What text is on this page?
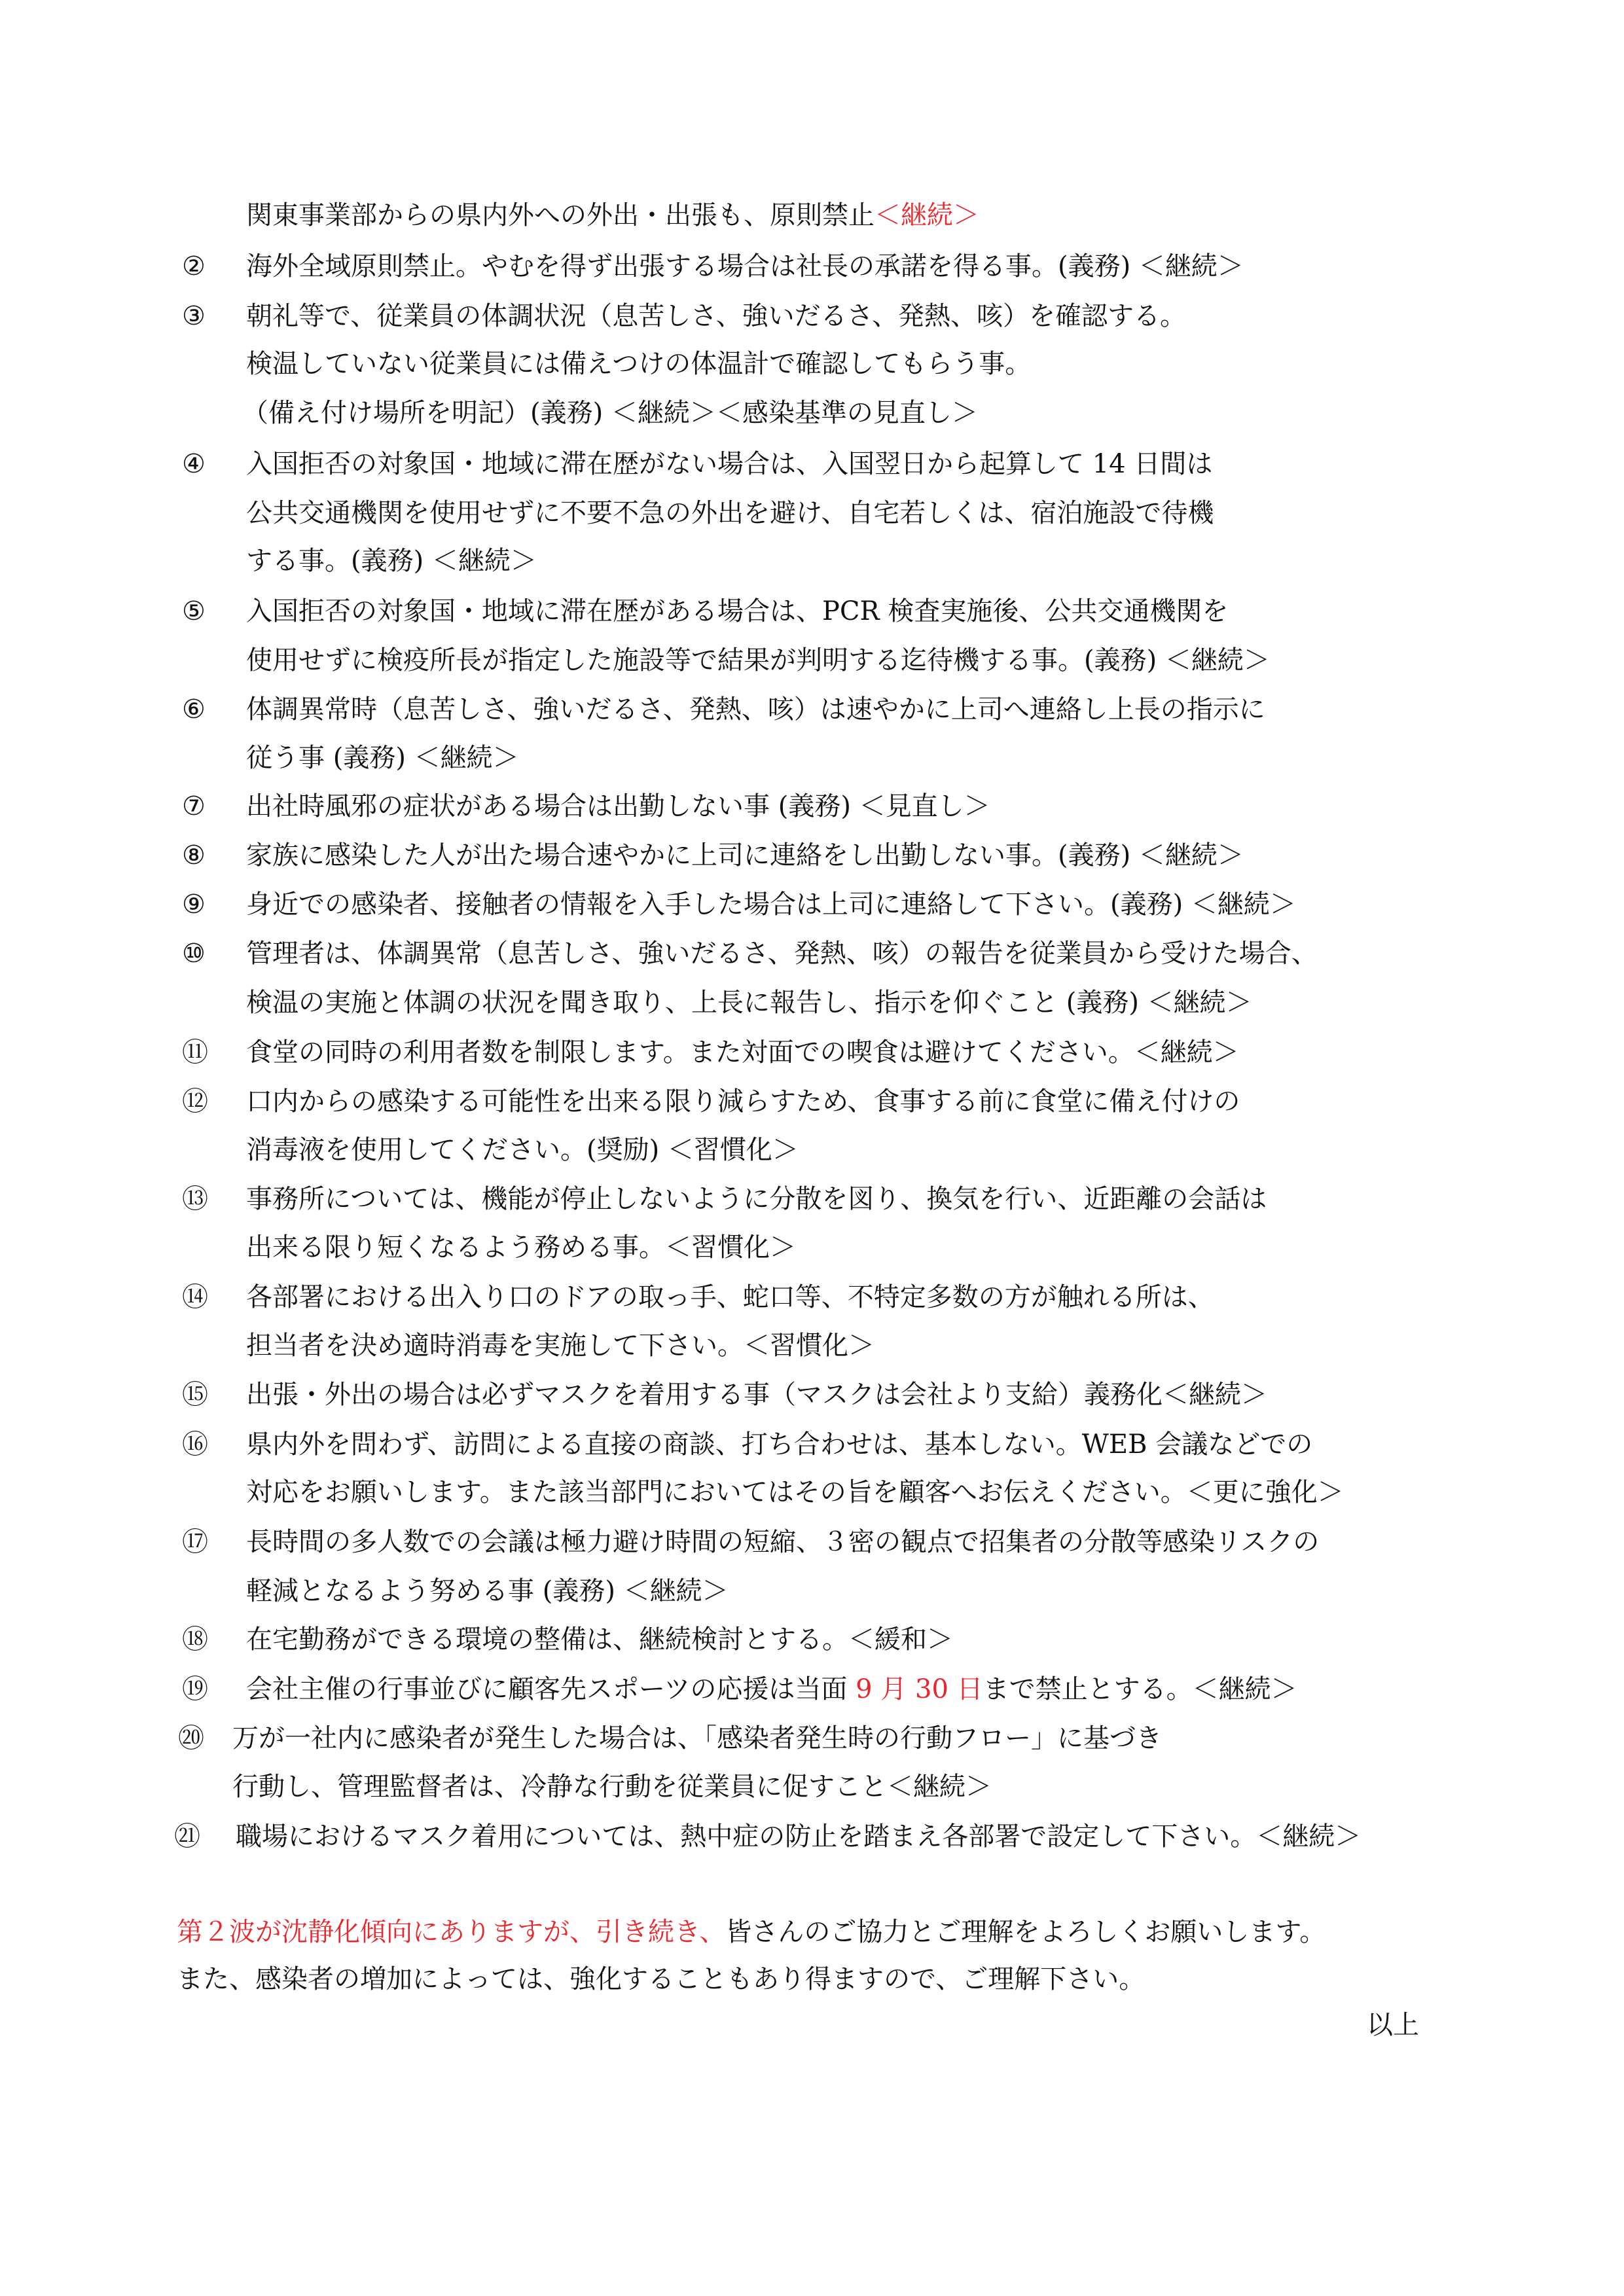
関東事業部からの県内外への外出・出張も、原則禁止＜継続＞
② 海外全域原則禁止。やむを得ず出張する場合は社長の承諾を得る事。(義務) ＜継続＞
③ 朝礼等で、従業員の体調状況（息苦しさ、強いだるさ、発熱、咳）を確認する。
検温していない従業員には備えつけの体温計で確認してもらう事。
（備え付け場所を明記）(義務) ＜継続＞＜感染基準の見直し＞
④ 入国拒否の対象国・地域に滞在歴がない場合は、入国翌日から起算して 14 日間は
公共交通機関を使用せずに不要不急の外出を避け、自宅若しくは、宿泊施設で待機
する事。(義務) ＜継続＞
⑤ 入国拒否の対象国・地域に滞在歴がある場合は、PCR 検査実施後、公共交通機関を
使用せずに検疫所長が指定した施設等で結果が判明する迄待機する事。(義務) ＜継続＞
⑥ 体調異常時（息苦しさ、強いだるさ、発熱、咳）は速やかに上司へ連絡し上長の指示に
従う事 (義務) ＜継続＞
⑦ 出社時風邪の症状がある場合は出勤しない事 (義務) ＜見直し＞
⑧ 家族に感染した人が出た場合速やかに上司に連絡をし出勤しない事。(義務) ＜継続＞
⑨ 身近での感染者、接触者の情報を入手した場合は上司に連絡して下さい。(義務) ＜継続＞
⑩ 管理者は、体調異常（息苦しさ、強いだるさ、発熱、咳）の報告を従業員から受けた場合、
検温の実施と体調の状況を聞き取り、上長に報告し、指示を仰ぐこと (義務) ＜継続＞
⑪ 食堂の同時の利用者数を制限します。また対面での喫食は避けてください。＜継続＞
⑫ 口内からの感染する可能性を出来る限り減らすため、食事する前に食堂に備え付けの
消毒液を使用してください。(奨励) ＜習慣化＞
⑬ 事務所については、機能が停止しないように分散を図り、換気を行い、近距離の会話は
出来る限り短くなるよう務める事。＜習慣化＞
⑭ 各部署における出入り口のドアの取っ手、蛇口等、不特定多数の方が触れる所は、
担当者を決め適時消毒を実施して下さい。＜習慣化＞
⑮ 出張・外出の場合は必ずマスクを着用する事（マスクは会社より支給）義務化＜継続＞
⑯ 県内外を問わず、訪問による直接の商談、打ち合わせは、基本しない。WEB 会議などでの
対応をお願いします。また該当部門においてはその旨を顧客へお伝えください。＜更に強化＞
⑰ 長時間の多人数での会議は極力避け時間の短縮、３密の観点で招集者の分散等感染リスクの
軽減となるよう努める事 (義務) ＜継続＞
⑱ 在宅勤務ができる環境の整備は、継続検討とする。＜緩和＞
⑲ 会社主催の行事並びに顧客先スポーツの応援は当面 9 月 30 日まで禁止とする。＜継続＞
⑳ 万が一社内に感染者が発生した場合は、「感染者発生時の行動フロー」に基づき
行動し、管理監督者は、冷静な行動を従業員に促すこと＜継続＞
㉑ 職場におけるマスク着用については、熱中症の防止を踏まえ各部署で設定して下さい。＜継続＞
第２波が沈静化傾向にありますが、引き続き、皆さんのご協力とご理解をよろしくお願いします。
また、感染者の増加によっては、強化することもあり得ますので、ご理解下さい。
以上
